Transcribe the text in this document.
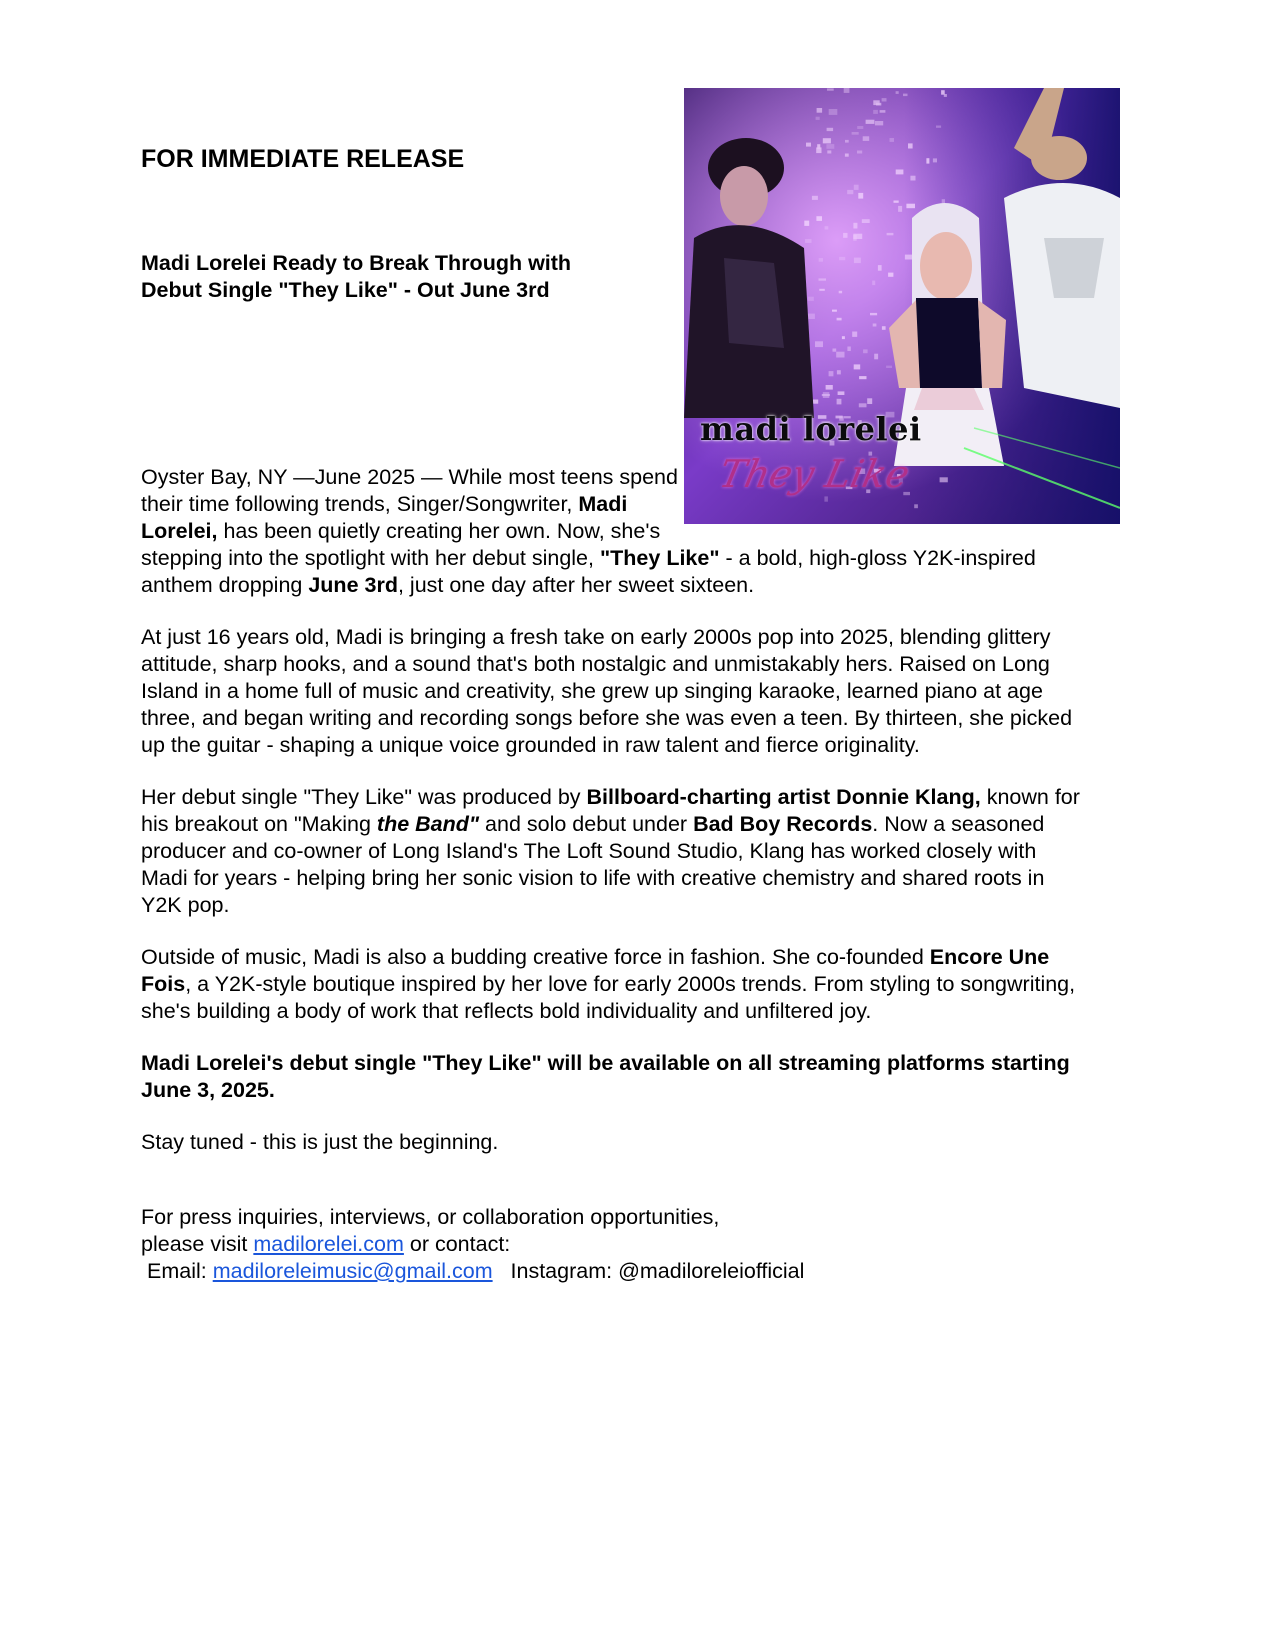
FOR IMMEDIATE RELEASE
Madi Lorelei Ready to Break Through with
Debut Single "They Like" - Out June 3rd

madi lorelei

They Like

Oyster Bay, NY —June 2025 — While most teens spend their time following trends, Singer/Songwriter, Madi Lorelei, has been quietly creating her own. Now, she's stepping into the spotlight with her debut single, "They Like" - a bold, high-gloss Y2K-inspired anthem dropping June 3rd, just one day after her sweet sixteen.

At just 16 years old, Madi is bringing a fresh take on early 2000s pop into 2025, blending glittery attitude, sharp hooks, and a sound that's both nostalgic and unmistakably hers. Raised on Long Island in a home full of music and creativity, she grew up singing karaoke, learned piano at age three, and began writing and recording songs before she was even a teen. By thirteen, she picked up the guitar - shaping a unique voice grounded in raw talent and fierce originality.

Her debut single "They Like" was produced by Billboard-charting artist Donnie Klang, known for his breakout on "Making the Band" and solo debut under Bad Boy Records. Now a seasoned producer and co-owner of Long Island's The Loft Sound Studio, Klang has worked closely with Madi for years - helping bring her sonic vision to life with creative chemistry and shared roots in Y2K pop.

Outside of music, Madi is also a budding creative force in fashion. She co-founded Encore Une Fois, a Y2K-style boutique inspired by her love for early 2000s trends. From styling to songwriting, she's building a body of work that reflects bold individuality and unfiltered joy.

Madi Lorelei's debut single "They Like" will be available on all streaming platforms starting June 3, 2025.

Stay tuned - this is just the beginning.

For press inquiries, interviews, or collaboration opportunities,
please visit madilorelei.com or contact:
Email: madiloreleimusic@gmail.com Instagram: @madiloreleiofficial
